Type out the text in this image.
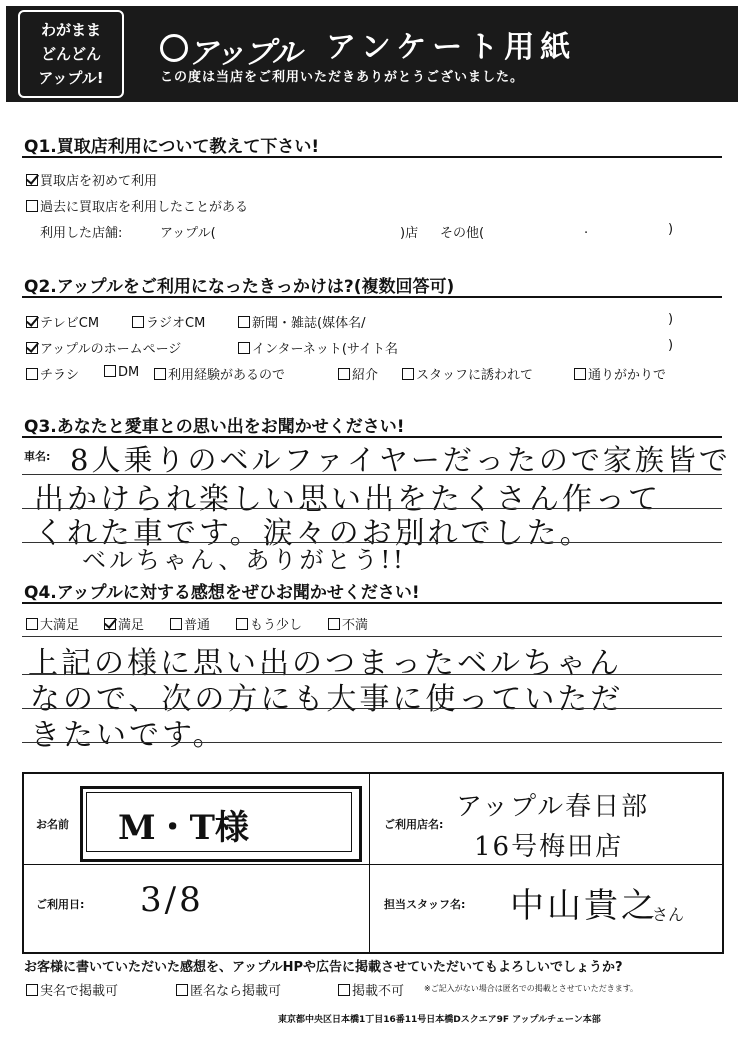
わがまま
どんどん
アップル!
アップル アンケート用紙
この度は当店をご利用いただきありがとうございました。
Q1.買取店利用について教えて下さい!
買取店を初めて利用
過去に買取店を利用したことがある
利用した店舗:	アップル(	)店 その他(	.	)
Q2.アップルをご利用になったきっかけは?(複数回答可)
テレビCM	ラジオCM	新聞・雑誌(媒体名/	)
アップルのホームページ	インターネット(サイト名	)
チラシ	DM	利用経験があるので	紹介	スタッフに誘われて	通りがかりで
Q3.あなたと愛車との思い出をお聞かせください!
車名: 8人乗りのベルファイヤーだったので家族皆で
出かけられ楽しい思い出をたくさん作って
くれた車です。涙々のお別れでした。
ベルちゃん、ありがとう!!
Q4.アップルに対する感想をぜひお聞かせください!
大満足	満足	普通	もう少し	不満
上記の様に思い出のつまったベルちゃん
なので、次の方にも大事に使っていただ
きたいです。
お名前 M・T様	ご利用店名:
アップル春日部
16号梅田店
ご利用日: 3/8	担当スタッフ名: 中山貴之
さん
お客様に書いていただいた感想を、アップルHPや広告に掲載させていただいてもよろしいでしょうか?
実名で掲載可	匿名なら掲載可	掲載不可 ※ご記入がない場合は匿名での掲載とさせていただきます。
東京都中央区日本橋1丁目16番11号日本橋Dスクエア9F アップルチェーン本部
